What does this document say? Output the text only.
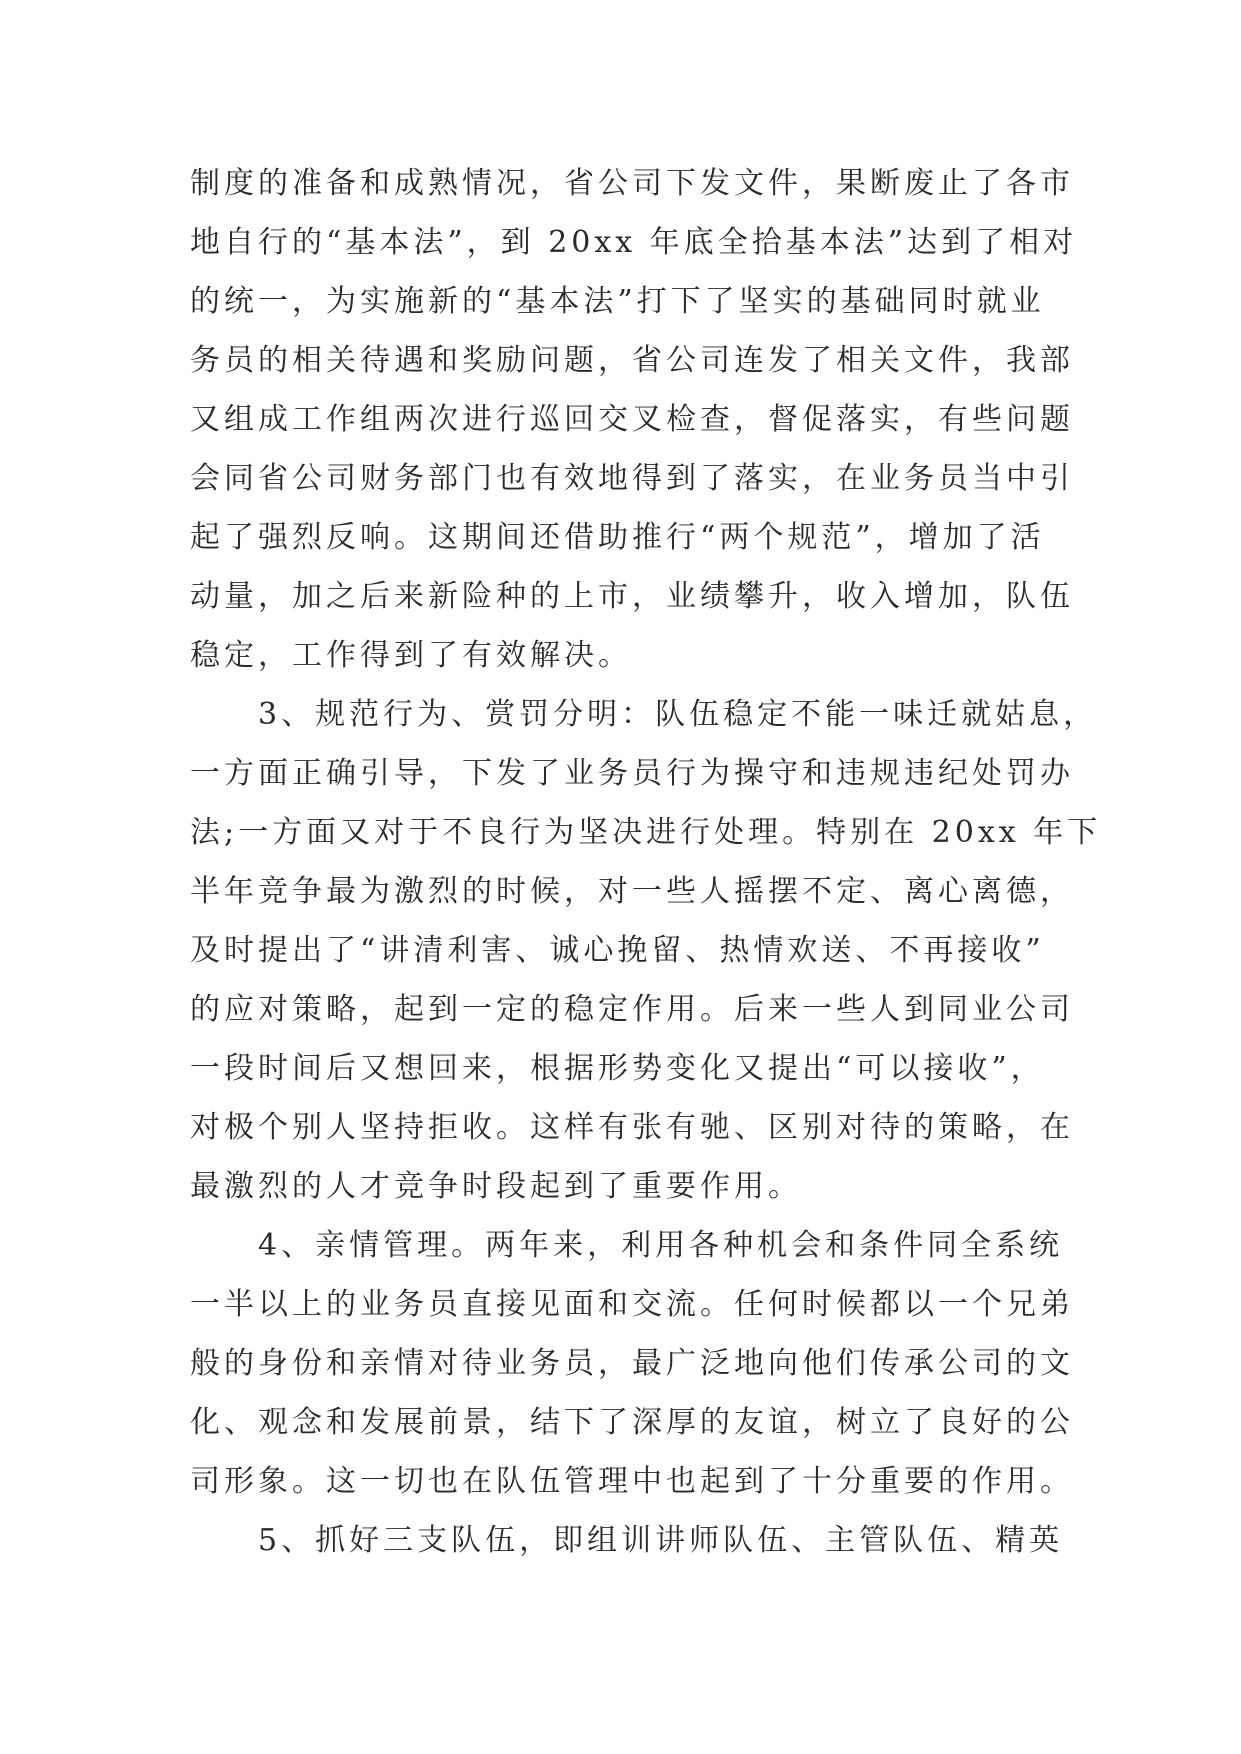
制度的准备和成熟情况，省公司下发文件，果断废止了各市
地自行的“基本法”，到 20xx 年底全拾基本法”达到了相对
的统一，为实施新的“基本法”打下了坚实的基础同时就业
务员的相关待遇和奖励问题，省公司连发了相关文件，我部
又组成工作组两次进行巡回交叉检查，督促落实，有些问题
会同省公司财务部门也有效地得到了落实，在业务员当中引
起了强烈反响。这期间还借助推行“两个规范”，增加了活
动量，加之后来新险种的上市，业绩攀升，收入增加，队伍
稳定，工作得到了有效解决。
3、规范行为、赏罚分明：队伍稳定不能一味迁就姑息，
一方面正确引导，下发了业务员行为操守和违规违纪处罚办
法;一方面又对于不良行为坚决进行处理。特别在 20xx 年下
半年竞争最为激烈的时候，对一些人摇摆不定、离心离德，
及时提出了“讲清利害、诚心挽留、热情欢送、不再接收”
的应对策略，起到一定的稳定作用。后来一些人到同业公司
一段时间后又想回来，根据形势变化又提出“可以接收”，
对极个别人坚持拒收。这样有张有驰、区别对待的策略，在
最激烈的人才竞争时段起到了重要作用。
4、亲情管理。两年来，利用各种机会和条件同全系统
一半以上的业务员直接见面和交流。任何时候都以一个兄弟
般的身份和亲情对待业务员，最广泛地向他们传承公司的文
化、观念和发展前景，结下了深厚的友谊，树立了良好的公
司形象。这一切也在队伍管理中也起到了十分重要的作用。
5、抓好三支队伍，即组训讲师队伍、主管队伍、精英
